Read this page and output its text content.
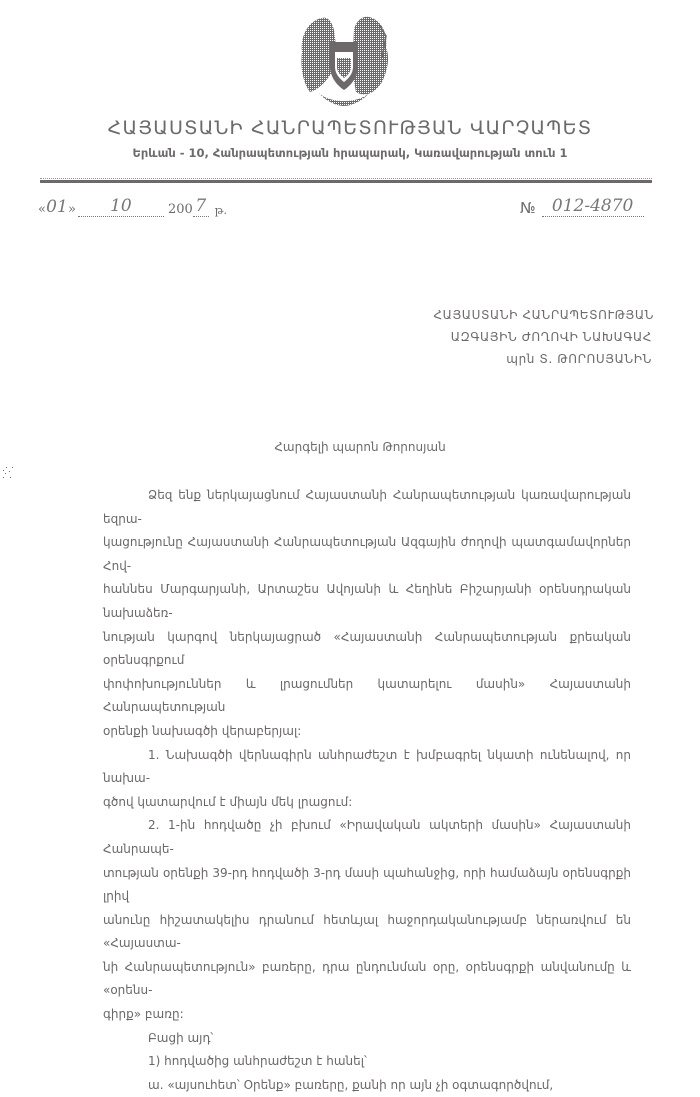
ՀԱՅԱՍՏԱՆԻ ՀԱՆՐԱՊԵՏՈՒԹՅԱՆ ՎԱՐՉԱՊԵՏ
Երևան - 10, Հանրապետության հրապարակ, Կառավարության տուն 1
« 01 »	10	200 7 թ.	№ 012-4870
ՀԱՅԱՍՏԱՆԻ ՀԱՆՐԱՊԵՏՈՒԹՅԱՆ
ԱԶԳԱՅԻՆ ԺՈՂՈՎԻ ՆԱԽԱԳԱՀ
պրն Տ. ԹՈՐՈՍՅԱՆԻՆ
Հարգելի պարոն Թորոսյան

Ձեզ ենք ներկայացնում Հայաստանի Հանրապետության կառավարության եզրա-

կացությունը Հայաստանի Հանրապետության Ազգային ժողովի պատգամավորներ Հով-

հաննես Մարգարյանի, Արտաշես Ավոյանի և Հեղինե Բիշարյանի օրենսդրական նախաձեռ-

նության կարգով ներկայացրած «Հայաստանի Հանրապետության քրեական օրենսգրքում

փոփոխություններ և լրացումներ կատարելու մասին» Հայաստանի Հանրապետության

օրենքի նախագծի վերաբերյալ:

1. Նախագծի վերնագիրն անհրաժեշտ է խմբագրել նկատի ունենալով, որ նախա-

գծով կատարվում է միայն մեկ լրացում:

2. 1-ին հոդվածը չի բխում «Իրավական ակտերի մասին» Հայաստանի Հանրապե-

տության օրենքի 39-րդ հոդվածի 3-րդ մասի պահանջից, որի համաձայն օրենսգրքի լրիվ

անունը հիշատակելիս դրանում հետևյալ հաջորդականությամբ ներառվում են «Հայաստա-

նի Հանրապետություն» բառերը, դրա ընդունման օրը, օրենսգրքի անվանումը և «օրենս-

գիրք» բառը:

Բացի այդ՝

1) հոդվածից անհրաժեշտ է հանել՝

ա. «այսուհետ՝ Օրենք» բառերը, քանի որ այն չի օգտագործվում,
